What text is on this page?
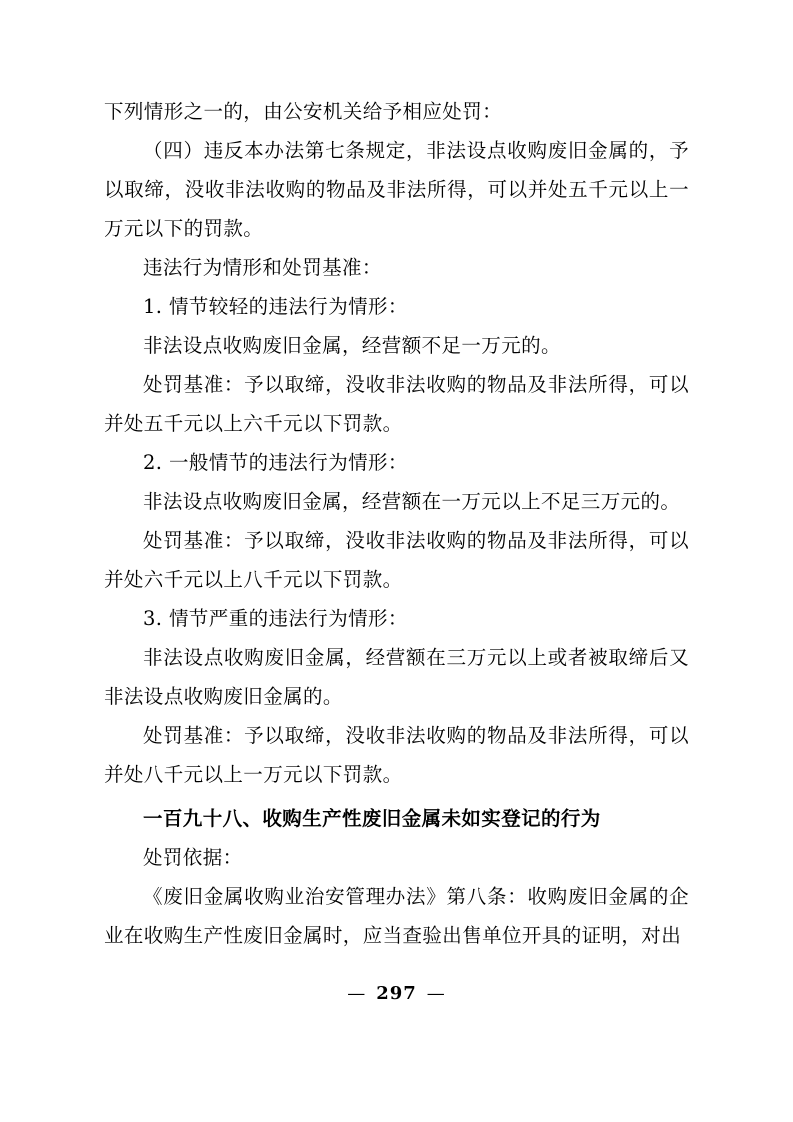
下列情形之一的，由公安机关给予相应处罚：

（四）违反本办法第七条规定，非法设点收购废旧金属的，予以取缔，没收非法收购的物品及非法所得，可以并处五千元以上一万元以下的罚款。

违法行为情形和处罚基准：

1. 情节较轻的违法行为情形：

非法设点收购废旧金属，经营额不足一万元的。

处罚基准：予以取缔，没收非法收购的物品及非法所得，可以并处五千元以上六千元以下罚款。

2. 一般情节的违法行为情形：

非法设点收购废旧金属，经营额在一万元以上不足三万元的。

处罚基准：予以取缔，没收非法收购的物品及非法所得，可以并处六千元以上八千元以下罚款。

3. 情节严重的违法行为情形：

非法设点收购废旧金属，经营额在三万元以上或者被取缔后又非法设点收购废旧金属的。

处罚基准：予以取缔，没收非法收购的物品及非法所得，可以并处八千元以上一万元以下罚款。

一百九十八、收购生产性废旧金属未如实登记的行为

处罚依据：

《废旧金属收购业治安管理办法》第八条：收购废旧金属的企业在收购生产性废旧金属时，应当查验出售单位开具的证明，对出

— 297 —
